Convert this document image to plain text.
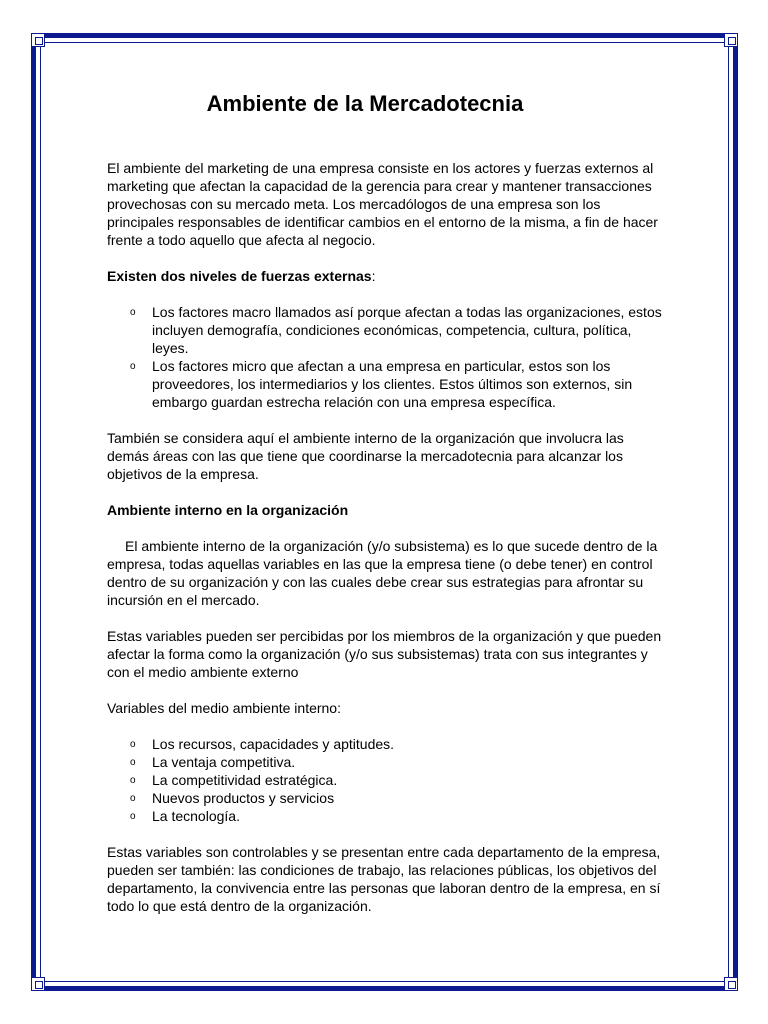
Ambiente de la Mercadotecnia

El ambiente del marketing de una empresa consiste en los actores y fuerzas externos al marketing que afectan la capacidad de la gerencia para crear y mantener transacciones provechosas con su mercado meta. Los mercadólogos de una empresa son los principales responsables de identificar cambios en el entorno de la misma, a fin de hacer frente a todo aquello que afecta al negocio.

Existen dos niveles de fuerzas externas:

o Los factores macro llamados así porque afectan a todas las organizaciones, estos incluyen demografía, condiciones económicas, competencia, cultura, política, leyes.
o Los factores micro que afectan a una empresa en particular, estos son los proveedores, los intermediarios y los clientes. Estos últimos son externos, sin embargo guardan estrecha relación con una empresa específica.

También se considera aquí el ambiente interno de la organización que involucra las demás áreas con las que tiene que coordinarse la mercadotecnia para alcanzar los objetivos de la empresa.

Ambiente interno en la organización

El ambiente interno de la organización (y/o subsistema) es lo que sucede dentro de la empresa, todas aquellas variables en las que la empresa tiene (o debe tener) en control dentro de su organización y con las cuales debe crear sus estrategias para afrontar su incursión en el mercado.

Estas variables pueden ser percibidas por los miembros de la organización y que pueden afectar la forma como la organización (y/o sus subsistemas) trata con sus integrantes y con el medio ambiente externo

Variables del medio ambiente interno:

o Los recursos, capacidades y aptitudes.
o La ventaja competitiva.
o La competitividad estratégica.
o Nuevos productos y servicios
o La tecnología.

Estas variables son controlables y se presentan entre cada departamento de la empresa, pueden ser también: las condiciones de trabajo, las relaciones públicas, los objetivos del departamento, la convivencia entre las personas que laboran dentro de la empresa, en sí todo lo que está dentro de la organización.
